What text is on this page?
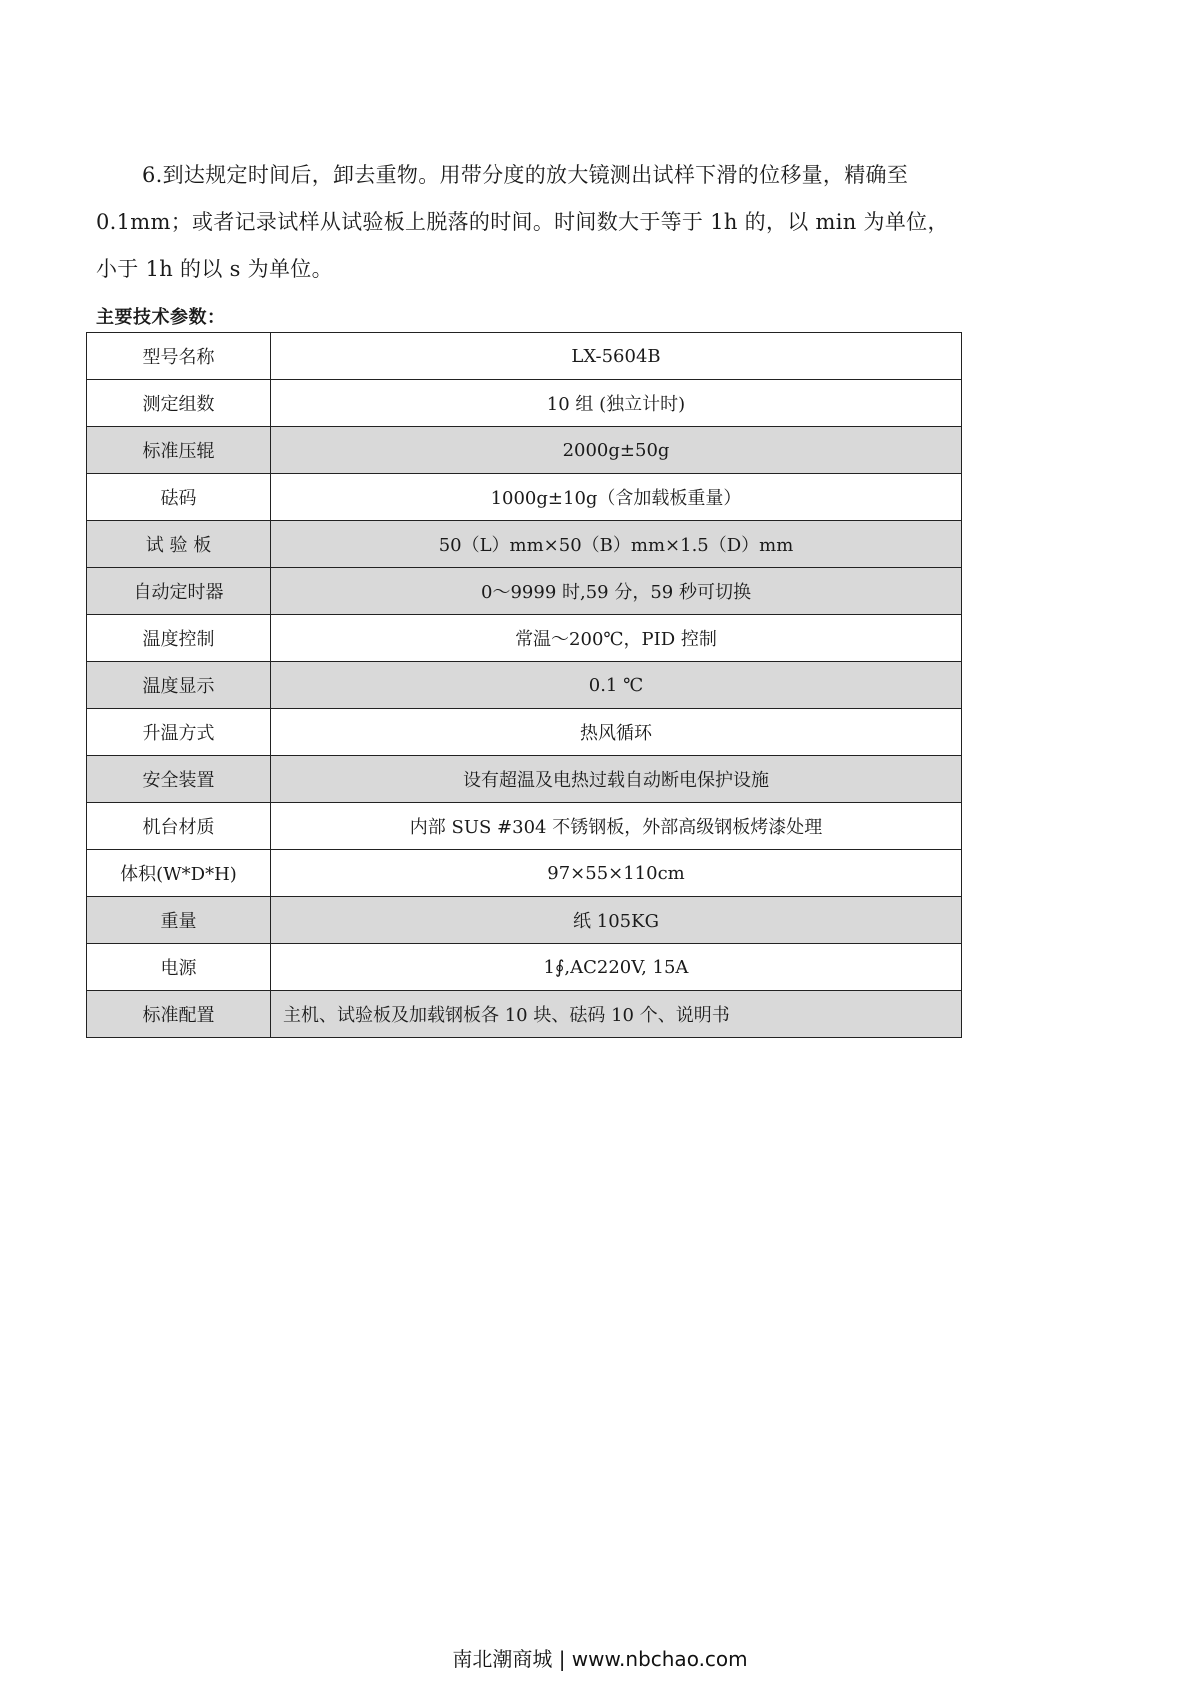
6.到达规定时间后，卸去重物。用带分度的放大镜测出试样下滑的位移量，精确至
0.1mm；或者记录试样从试验板上脱落的时间。时间数大于等于 1h 的，以 min 为单位，
小于 1h 的以 s 为单位。

主要技术参数：
型号名称	LX-5604B
测定组数	10 组 (独立计时)
标准压辊	2000g±50g
砝码	1000g±10g（含加载板重量）
试 验 板	50（L）mm×50（B）mm×1.5（D）mm
自动定时器	0～9999 时,59 分，59 秒可切换
温度控制	常温～200℃，PID 控制
温度显示	0.1 ℃
升温方式	热风循环
安全装置	设有超温及电热过载自动断电保护设施
机台材质	内部 SUS #304 不锈钢板，外部高级钢板烤漆处理
体积(W*D*H)	97×55×110cm
重量	纸 105KG
电源	1∮,AC220V, 15A
标准配置	主机、试验板及加载钢板各 10 块、砝码 10 个、说明书
南北潮商城 | www.nbchao.com
